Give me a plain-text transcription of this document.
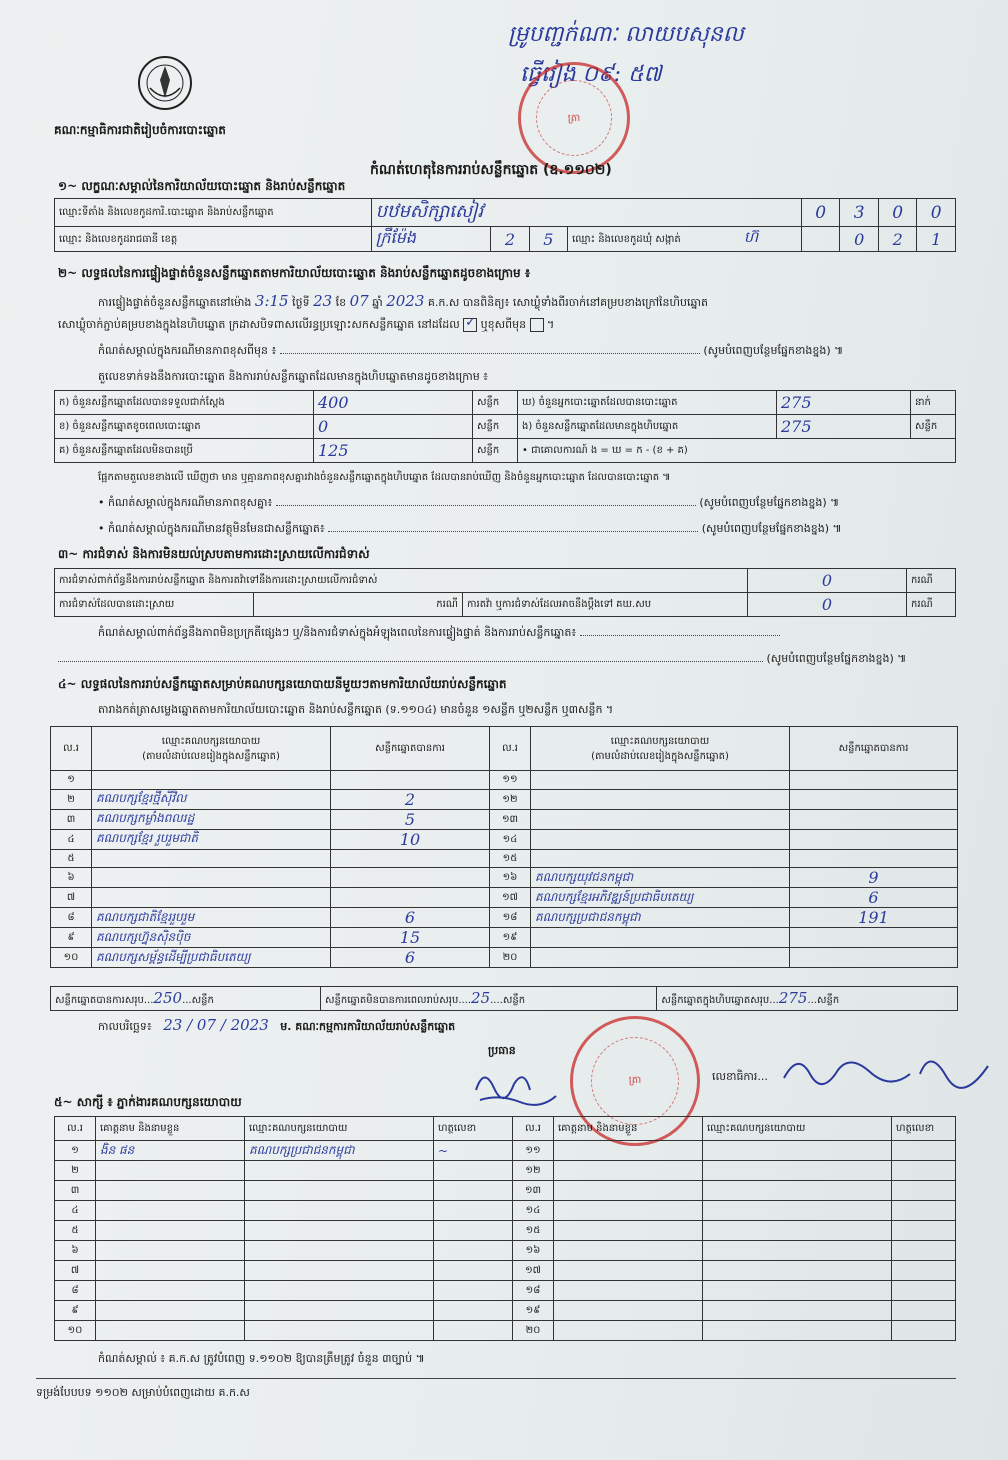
គណៈកម្មាធិការជាតិរៀបចំការបោះឆ្នោត
ម្រូបញ្ជក់ណាៈ លាយបសុនល
ធ្វើរៀង ០៩: ៥៧
ត្រា
កំណត់ហេតុនៃការរាប់សន្លឹកឆ្នោត (ឧ.១១០២)
១~ លក្ខណៈសម្គាល់នៃការិយាល័យបោះឆ្នោត និងរាប់សន្លឹកឆ្នោត
ឈ្មោះទីតាំង និងលេខកូដការិ.បោះឆ្នោត និងរាប់សន្លឹកឆ្នោត	បឋមសិក្សាសៀវ				0	3	0	0
ឈ្មោះ និងលេខកូដរាជធានី ខេត្ត	ក្រឹម៉ែង	2	5	ឈ្មោះ និងលេខកូដឃុំ សង្កាត់ ហ៊		0	2	1
២~ លទ្ធផលនៃការផ្ទៀងផ្ទាត់ចំនួនសន្លឹកឆ្នោតតាមការិយាល័យបោះឆ្នោត និងរាប់សន្លឹកឆ្នោតដូចខាងក្រោម ៖
ការផ្ទៀងផ្ទាត់ចំនួនសន្លឹកឆ្នោតនៅម៉ោង 3:15 ថ្ងៃទី 23 ខែ 07 ឆ្នាំ 2023 គ.ក.ស បានពិនិត្យ៖ សោឃ្លុំទាំងពីរចាក់នៅគម្របខាងក្រៅនៃហិបឆ្នោត
សោឃ្លុំចាក់ភ្ជាប់គម្របខាងក្នុងនៃហិបឆ្នោត ក្រដាសបិទពាសលើរន្ធប្រឡោះសកសន្លឹកឆ្នោត នៅដដែល ✓ ឬខុសពីមុន  ។
កំណត់សម្គាល់ក្នុងករណីមានភាពខុសពីមុន ៖	(សូមបំពេញបន្ថែមផ្នែកខាងខ្នង) ៕
តួលេខទាក់ទងនឹងការបោះឆ្នោត និងការរាប់សន្លឹកឆ្នោតដែលមានក្នុងហិបឆ្នោតមានដូចខាងក្រោម ៖
ក) ចំនួនសន្លឹកឆ្នោតដែលបានទទួលជាក់ស្ដែង	400	សន្លឹក	ឃ) ចំនួនអ្នកបោះឆ្នោតដែលបានបោះឆ្នោត	275	នាក់
ខ) ចំនួនសន្លឹកឆ្នោតខូចពេលបោះឆ្នោត	0	សន្លឹក	ង) ចំនួនសន្លឹកឆ្នោតដែលមានក្នុងហិបឆ្នោត	275	សន្លឹក
គ) ចំនួនសន្លឹកឆ្នោតដែលមិនបានប្រើ	125	សន្លឹក	• ជាគោលការណ៍ ង = ឃ = ក - (ខ + គ)		
ផ្អែកតាមតួលេខខាងលើ ឃើញថា មាន ឬគ្មានភាពខុសគ្នារវាងចំនួនសន្លឹកឆ្នោតក្នុងហិបឆ្នោត ដែលបានរាប់ឃើញ និងចំនួនអ្នកបោះឆ្នោត ដែលបានបោះឆ្នោត ៕
• កំណត់សម្គាល់ក្នុងករណីមានភាពខុសគ្នា៖	(សូមបំពេញបន្ថែមផ្នែកខាងខ្នង) ៕
• កំណត់សម្គាល់ក្នុងករណីមានវត្ថុមិនមែនជាសន្លឹកឆ្នោត៖	(សូមបំពេញបន្ថែមផ្នែកខាងខ្នង) ៕
៣~ ការជំទាស់ និងការមិនយល់ស្របតាមការដោះស្រាយលើការជំទាស់
ការជំទាស់ពាក់ព័ន្ធនឹងការរាប់សន្លឹកឆ្នោត និងការតវ៉ាទៅនឹងការដោះស្រាយលើការជំទាស់			0	ករណី
ការជំទាស់ដែលបានដោះស្រាយ	ករណី	ការតវ៉ា ឬការជំទាស់ដែលអាចនឹងប្ដឹងទៅ គឃ.សប	0	ករណី
កំណត់សម្គាល់ពាក់ព័ន្ធនឹងភាពមិនប្រក្រតីផ្សេងៗ ឬ/និងការជំទាស់ក្នុងអំឡុងពេលនៃការផ្ទៀងផ្ទាត់ និងការរាប់សន្លឹកឆ្នោត៖
(សូមបំពេញបន្ថែមផ្នែកខាងខ្នង) ៕
៤~ លទ្ធផលនៃការរាប់សន្លឹកឆ្នោតសម្រាប់គណបក្សនយោបាយនីមួយៗតាមការិយាល័យរាប់សន្លឹកឆ្នោត
តារាងកត់ត្រាសម្លេងឆ្នោតតាមការិយាល័យបោះឆ្នោត និងរាប់សន្លឹកឆ្នោត (ទ.១១០៤) មានចំនួន ១សន្លឹក ឬ២សន្លឹក ឬ៣សន្លឹក ។
ល.រ	ឈ្មោះគណបក្សនយោបាយ
(តាមលំដាប់លេខរៀងក្នុងសន្លឹកឆ្នោត)	សន្លឹកឆ្នោតបានការ	ល.រ	ឈ្មោះគណបក្សនយោបាយ
(តាមលំដាប់លេខរៀងក្នុងសន្លឹកឆ្នោត)	សន្លឹកឆ្នោតបានការ
១			១១		
២	គណបក្សខ្មែរថ្មីសុីវិល	2	១២		
៣	គណបក្សកម្លាំងពលរដ្ឋ	5	១៣		
៤	គណបក្សខ្មែរ រួបរួមជាតិ	10	១៤		
៥			១៥		
៦			១៦	គណបក្សយុវជនកម្ពុជា	9
៧			១៧	គណបក្សខ្មែរអភិវឌ្ឍន៍ប្រជាធិបតេយ្យ	6
៨	គណបក្សជាតិខ្មែររួបរួម	6	១៨	គណបក្សប្រជាជនកម្ពុជា	191
៩	គណបក្សហ្វ៊ុនស៊ិនប៉ិច	15	១៩		
១០	គណបក្សសម្ព័ន្ធដើម្បីប្រជាធិបតេយ្យ	6	២០		
សន្លឹកឆ្នោតបានការសរុប...250...សន្លឹក	សន្លឹកឆ្នោតមិនបានការពេលរាប់សរុប....25....សន្លឹក	សន្លឹកឆ្នោតក្នុងហិបឆ្នោតសរុប...275...សន្លឹក
កាលបរិច្ឆេទ៖ 23 / 07 / 2023 ម. គណៈកម្មការការិយាល័យរាប់សន្លឹកឆ្នោត
ត្រា
ប្រធាន
លេខាធិការ...
៥~ សាក្សី ៖ ភ្នាក់ងារគណបក្សនយោបាយ
ល.រ	គោត្តនាម និងនាមខ្លួន	ឈ្មោះគណបក្សនយោបាយ	ហត្ថលេខា	ល.រ	គោត្តនាម និងនាមខ្លួន	ឈ្មោះគណបក្សនយោបាយ	ហត្ថលេខា
១	ងិន ផន	គណបក្សប្រជាជនកម្ពុជា	~	១១			
២				១២			
៣				១៣			
៤				១៤			
៥				១៥			
៦				១៦			
៧				១៧			
៨				១៨			
៩				១៩			
១០				២០			
កំណត់សម្គាល់ ៖ គ.ក.ស ត្រូវបំពេញ ទ.១១០២ ឱ្យបានត្រឹមត្រូវ ចំនួន ៣ច្បាប់ ៕
ទម្រង់បែបបទ ១១០២ សម្រាប់បំពេញដោយ គ.ក.ស
